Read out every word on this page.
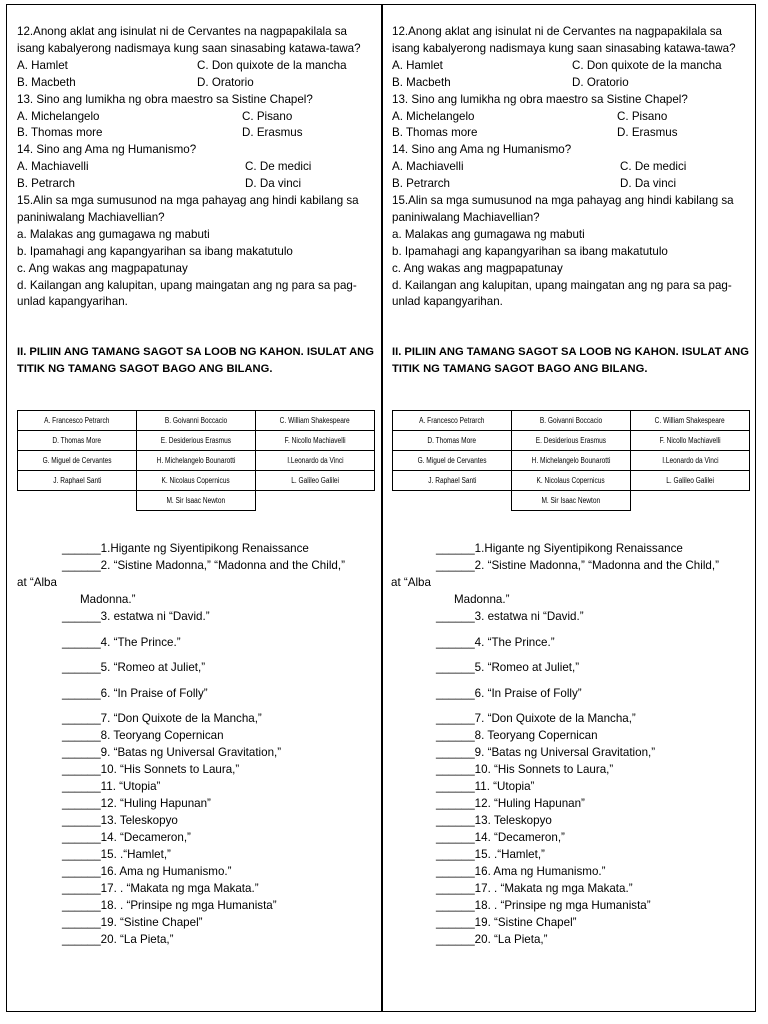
12.Anong aklat ang isinulat ni de Cervantes na nagpapakilala sa isang kabalyerong nadismaya kung saan sinasabing katawa-tawa?

A. Hamlet	C. Don quixote de la mancha
B. Macbeth	D. Oratorio

13. Sino ang lumikha ng obra maestro sa Sistine Chapel?

A. Michelangelo	C. Pisano
B. Thomas more	D. Erasmus

14. Sino ang Ama ng Humanismo?

A. Machiavelli	C. De medici
B. Petrarch	D. Da vinci

15.Alin sa mga sumusunod na mga pahayag ang hindi kabilang sa paniniwalang Machiavellian?

a. Malakas ang gumagawa ng mabuti

b. Ipamahagi ang kapangyarihan sa ibang makatutulo

c. Ang wakas ang magpapatunay

d. Kailangan ang kalupitan, upang maingatan ang ng para sa pag-unlad kapangyarihan.

II. PILIIN ANG TAMANG SAGOT SA LOOB NG KAHON. ISULAT ANG TITIK NG TAMANG SAGOT BAGO ANG BILANG.
A. Francesco Petrarch	B. Goivanni Boccacio	C. William Shakespeare
D. Thomas More	E. Desiderious Erasmus	F. Nicollo Machiavelli
G. Miguel de Cervantes	H. Michelangelo Bounarotti	I.Leonardo da Vinci
J. Raphael Santi	K. Nicolaus Copernicus	L. Galileo Galilei
	M. Sir Isaac Newton	
______1.Higante ng Siyentipikong Renaissance
______2. “Sistine Madonna,” “Madonna and the Child,”
at “Alba
Madonna.”
______3. estatwa ni “David.”
______4. “The Prince.”
______5. “Romeo at Juliet,”
______6. “In Praise of Folly”
______7. “Don Quixote de la Mancha,”
______8. Teoryang Copernican
______9. “Batas ng Universal Gravitation,”
______10. “His Sonnets to Laura,”
______11. “Utopia”
______12. “Huling Hapunan”
______13. Teleskopyo
______14. “Decameron,”
______15. .“Hamlet,”
______16. Ama ng Humanismo.”
______17. . “Makata ng mga Makata.”
______18. . “Prinsipe ng mga Humanista”
______19. “Sistine Chapel”
______20. “La Pieta,”

12.Anong aklat ang isinulat ni de Cervantes na nagpapakilala sa isang kabalyerong nadismaya kung saan sinasabing katawa-tawa?

A. Hamlet	C. Don quixote de la mancha
B. Macbeth	D. Oratorio

13. Sino ang lumikha ng obra maestro sa Sistine Chapel?

A. Michelangelo	C. Pisano
B. Thomas more	D. Erasmus

14. Sino ang Ama ng Humanismo?

A. Machiavelli	C. De medici
B. Petrarch	D. Da vinci

15.Alin sa mga sumusunod na mga pahayag ang hindi kabilang sa paniniwalang Machiavellian?

a. Malakas ang gumagawa ng mabuti

b. Ipamahagi ang kapangyarihan sa ibang makatutulo

c. Ang wakas ang magpapatunay

d. Kailangan ang kalupitan, upang maingatan ang ng para sa pag-unlad kapangyarihan.

II. PILIIN ANG TAMANG SAGOT SA LOOB NG KAHON. ISULAT ANG TITIK NG TAMANG SAGOT BAGO ANG BILANG.
A. Francesco Petrarch	B. Goivanni Boccacio	C. William Shakespeare
D. Thomas More	E. Desiderious Erasmus	F. Nicollo Machiavelli
G. Miguel de Cervantes	H. Michelangelo Bounarotti	I.Leonardo da Vinci
J. Raphael Santi	K. Nicolaus Copernicus	L. Galileo Galilei
	M. Sir Isaac Newton	
______1.Higante ng Siyentipikong Renaissance
______2. “Sistine Madonna,” “Madonna and the Child,”
at “Alba
Madonna.”
______3. estatwa ni “David.”
______4. “The Prince.”
______5. “Romeo at Juliet,”
______6. “In Praise of Folly”
______7. “Don Quixote de la Mancha,”
______8. Teoryang Copernican
______9. “Batas ng Universal Gravitation,”
______10. “His Sonnets to Laura,”
______11. “Utopia”
______12. “Huling Hapunan”
______13. Teleskopyo
______14. “Decameron,”
______15. .“Hamlet,”
______16. Ama ng Humanismo.”
______17. . “Makata ng mga Makata.”
______18. . “Prinsipe ng mga Humanista”
______19. “Sistine Chapel”
______20. “La Pieta,”
